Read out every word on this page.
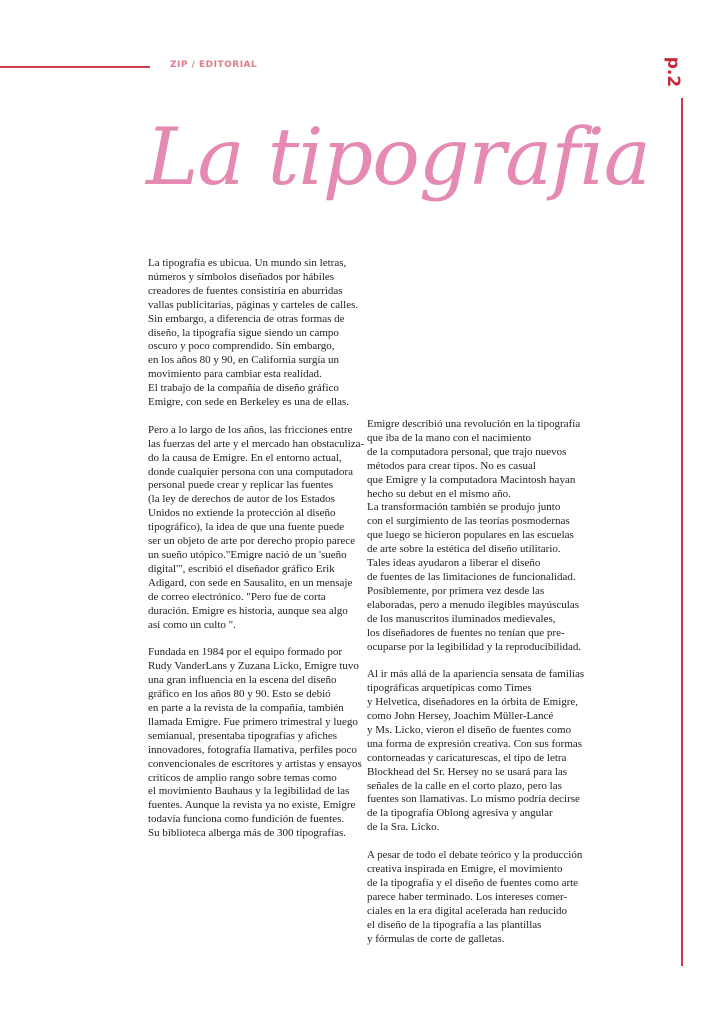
ZIP / EDITORIAL	p.2
La tipografia

La tipografía es ubicua. Un mundo sin letras,
números y símbolos diseñados por hábiles
creadores de fuentes consistiría en aburridas
vallas publicitarias, páginas y carteles de calles.
Sin embargo, a diferencia de otras formas de
diseño, la tipografía sigue siendo un campo
oscuro y poco comprendido. Sin embargo,
en los años 80 y 90, en California surgía un
movimiento para cambiar esta realidad.
El trabajo de la compañía de diseño gráfico
Emigre, con sede en Berkeley es una de ellas.

Pero a lo largo de los años, las fricciones entre
las fuerzas del arte y el mercado han obstaculiza-
do la causa de Emigre. En el entorno actual,
donde cualquier persona con una computadora
personal puede crear y replicar las fuentes
(la ley de derechos de autor de los Estados
Unidos no extiende la protección al diseño
tipográfico), la idea de que una fuente puede
ser un objeto de arte por derecho propio parece
un sueño utópico."Emigre nació de un 'sueño
digital'", escribió el diseñador gráfico Erik
Adigard, con sede en Sausalito, en un mensaje
de correo electrónico. "Pero fue de corta
duración. Emigre es historia, aunque sea algo
así como un culto ".

Fundada en 1984 por el equipo formado por
Rudy VanderLans y Zuzana Licko, Emigre tuvo
una gran influencia en la escena del diseño
gráfico en los años 80 y 90. Esto se debió
en parte a la revista de la compañía, también
llamada Emigre. Fue primero trimestral y luego
semianual, presentaba tipografías y afiches
innovadores, fotografía llamativa, perfiles poco
convencionales de escritores y artistas y ensayos
críticos de amplio rango sobre temas como
el movimiento Bauhaus y la legibilidad de las
fuentes. Aunque la revista ya no existe, Emigre
todavía funciona como fundición de fuentes.
Su biblioteca alberga más de 300 tipografías.

Emigre describió una revolución en la tipografía
que iba de la mano con el nacimiento
de la computadora personal, que trajo nuevos
métodos para crear tipos. No es casual
que Emigre y la computadora Macintosh hayan
hecho su debut en el mismo año.
La transformación también se produjo junto
con el surgimiento de las teorías posmodernas
que luego se hicieron populares en las escuelas
de arte sobre la estética del diseño utilitario.
Tales ideas ayudaron a liberar el diseño
de fuentes de las limitaciones de funcionalidad.
Posiblemente, por primera vez desde las
elaboradas, pero a menudo ilegibles mayúsculas
de los manuscritos iluminados medievales,
los diseñadores de fuentes no tenían que pre-
ocuparse por la legibilidad y la reproducibilidad.

Al ir más allá de la apariencia sensata de familias
tipográficas arquetípicas como Times
y Helvetica, diseñadores en la órbita de Emigre,
como John Hersey, Joachim Müller-Lancé
y Ms. Licko, vieron el diseño de fuentes como
una forma de expresión creativa. Con sus formas
contorneadas y caricaturescas, el tipo de letra
Blockhead del Sr. Hersey no se usará para las
señales de la calle en el corto plazo, pero las
fuentes son llamativas. Lo mismo podría decirse
de la tipografía Oblong agresiva y angular
de la Sra. Licko.

A pesar de todo el debate teórico y la producción
creativa inspirada en Emigre, el movimiento
de la tipografía y el diseño de fuentes como arte
parece haber terminado. Los intereses comer-
ciales en la era digital acelerada han reducido
el diseño de la tipografía a las plantillas
y fórmulas de corte de galletas.
